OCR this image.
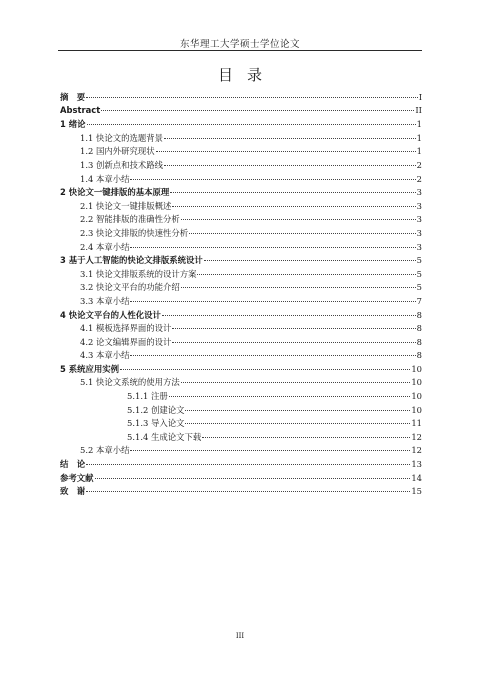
东华理工大学硕士学位论文
目录
摘　要	I
Abstract	II
1 绪论	1
1.1 快论文的选题背景	1
1.2 国内外研究现状	1
1.3 创新点和技术路线	2
1.4 本章小结	2
2 快论文一键排版的基本原理	3
2.1 快论文一键排版概述	3
2.2 智能排版的准确性分析	3
2.3 快论文排版的快速性分析	3
2.4 本章小结	3
3 基于人工智能的快论文排版系统设计	5
3.1 快论文排版系统的设计方案	5
3.2 快论文平台的功能介绍	5
3.3 本章小结	7
4 快论文平台的人性化设计	8
4.1 模板选择界面的设计	8
4.2 论文编辑界面的设计	8
4.3 本章小结	8
5 系统应用实例	10
5.1 快论文系统的使用方法	10
5.1.1 注册	10
5.1.2 创建论文	10
5.1.3 导入论文	11
5.1.4 生成论文下载	12
5.2 本章小结	12
结　论	13
参考文献	14
致　谢	15
III
